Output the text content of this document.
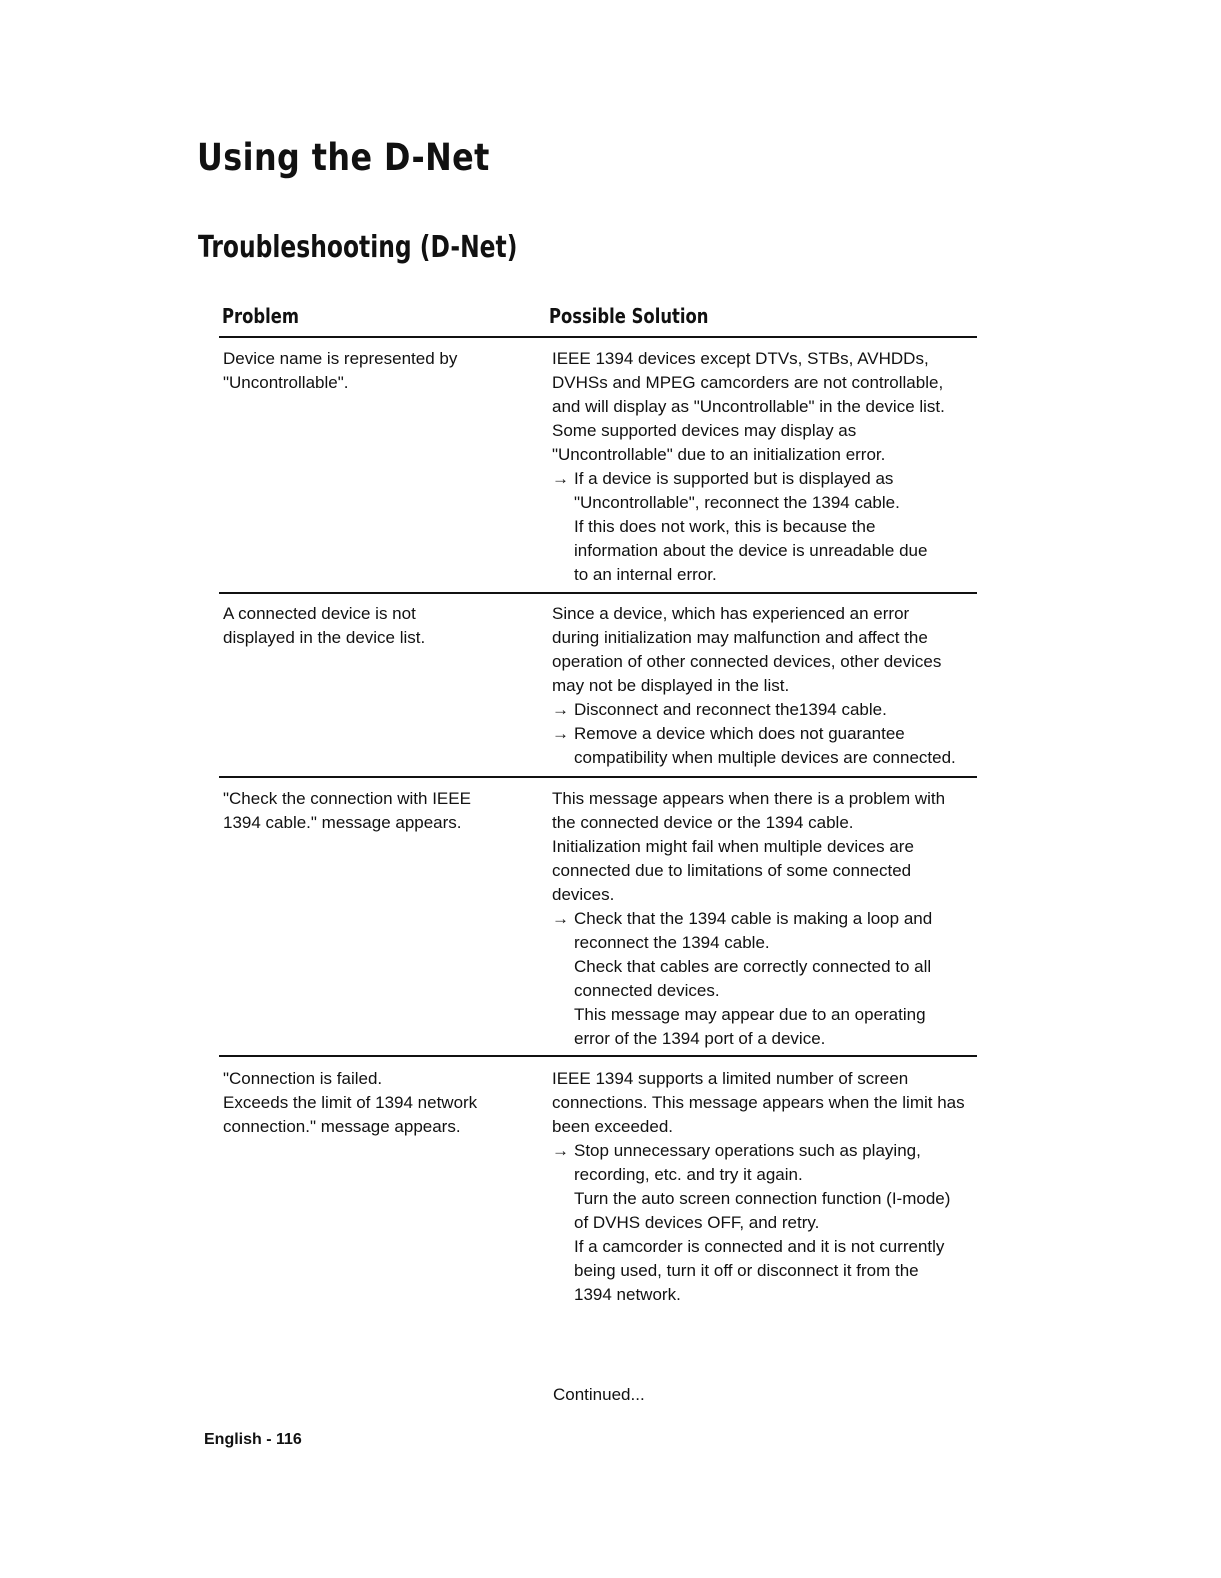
Using the D-Net
Troubleshooting (D-Net)
Problem	Possible Solution
Device name is represented by
"Uncontrollable".
IEEE 1394 devices except DTVs, STBs, AVHDDs,
DVHSs and MPEG camcorders are not controllable,
and will display as "Uncontrollable" in the device list.
Some supported devices may display as
"Uncontrollable" due to an initialization error.
→ If a device is supported but is displayed as
"Uncontrollable", reconnect the 1394 cable.
If this does not work, this is because the
information about the device is unreadable due
to an internal error.
A connected device is not
displayed in the device list.
Since a device, which has experienced an error
during initialization may malfunction and affect the
operation of other connected devices, other devices
may not be displayed in the list.
→ Disconnect and reconnect the1394 cable.
→ Remove a device which does not guarantee
compatibility when multiple devices are connected.
"Check the connection with IEEE
1394 cable." message appears.
This message appears when there is a problem with
the connected device or the 1394 cable.
Initialization might fail when multiple devices are
connected due to limitations of some connected
devices.
→ Check that the 1394 cable is making a loop and
reconnect the 1394 cable.
Check that cables are correctly connected to all
connected devices.
This message may appear due to an operating
error of the 1394 port of a device.
"Connection is failed.
Exceeds the limit of 1394 network
connection." message appears.
IEEE 1394 supports a limited number of screen
connections. This message appears when the limit has
been exceeded.
→ Stop unnecessary operations such as playing,
recording, etc. and try it again.
Turn the auto screen connection function (I-mode)
of DVHS devices OFF, and retry.
If a camcorder is connected and it is not currently
being used, turn it off or disconnect it from the
1394 network.
Continued...
English - 116
